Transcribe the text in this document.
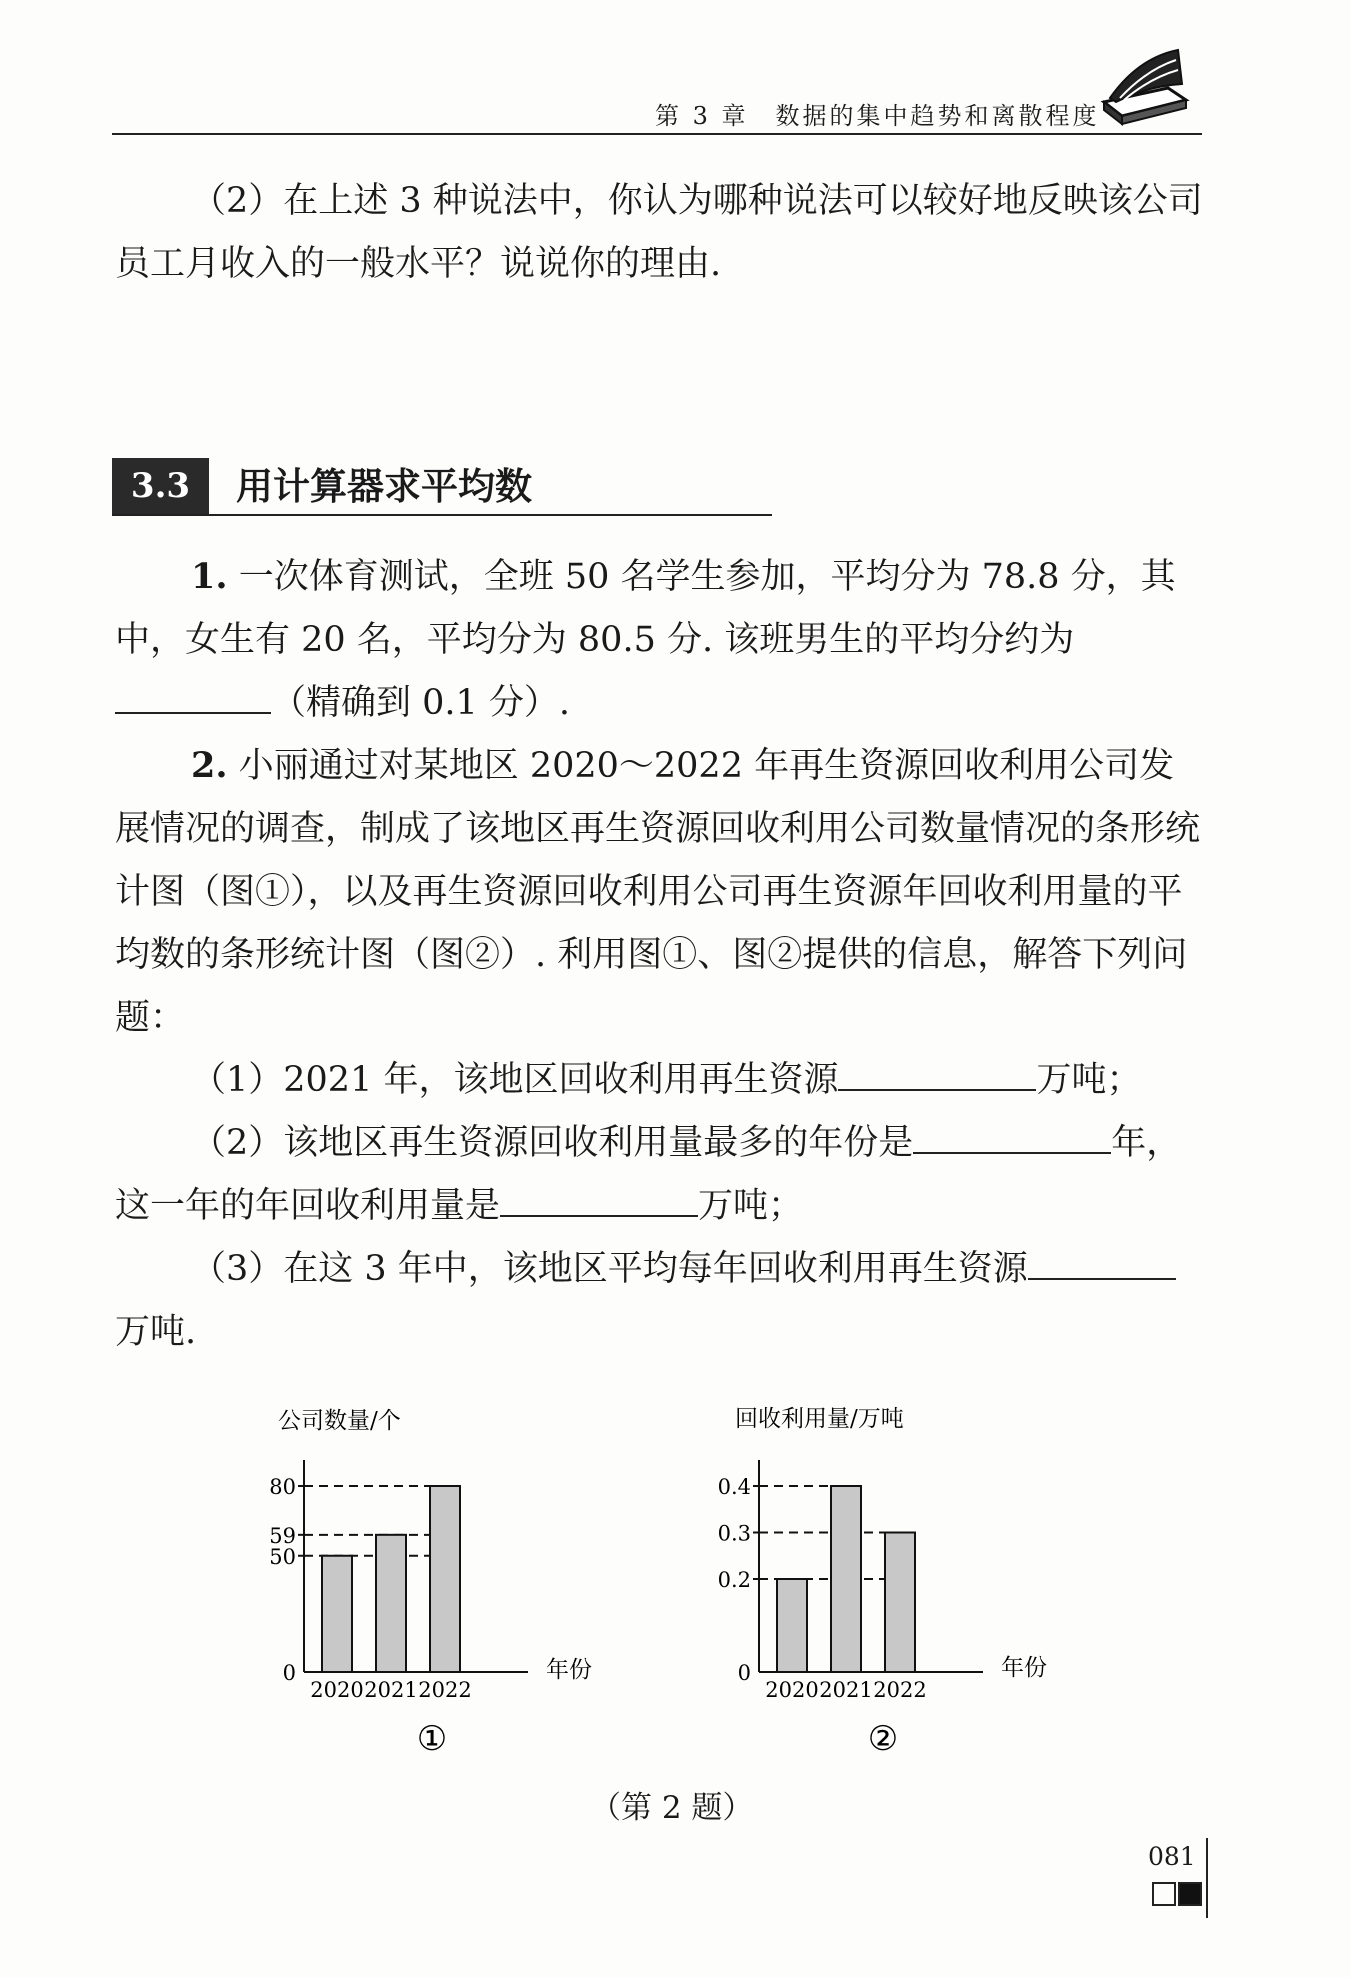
第 3 章　数据的集中趋势和离散程度
（2）在上述 3 种说法中，你认为哪种说法可以较好地反映该公司员工月收入的一般水平？说说你的理由.
3.3	用计算器求平均数
1. 一次体育测试，全班 50 名学生参加，平均分为 78.8 分，其中，女生有 20 名，平均分为 80.5 分. 该班男生的平均分约为（精确到 0.1 分）.
2. 小丽通过对某地区 2020～2022 年再生资源回收利用公司发展情况的调查，制成了该地区再生资源回收利用公司数量情况的条形统计图（图①），以及再生资源回收利用公司再生资源年回收利用量的平均数的条形统计图（图②）. 利用图①、图②提供的信息，解答下列问题：
（1）2021 年，该地区回收利用再生资源	万吨；
（2）该地区再生资源回收利用量最多的年份是	年，这一年的年回收利用量是	万吨；
（3）在这 3 年中，该地区平均每年回收利用再生资源万吨.
公司数量/个
80
59
50
0
2020 2021 2022
年份
①
回收利用量/万吨
0.4
0.3
0.2
0
2020 2021 2022
年份
②
（第 2 题）
081
